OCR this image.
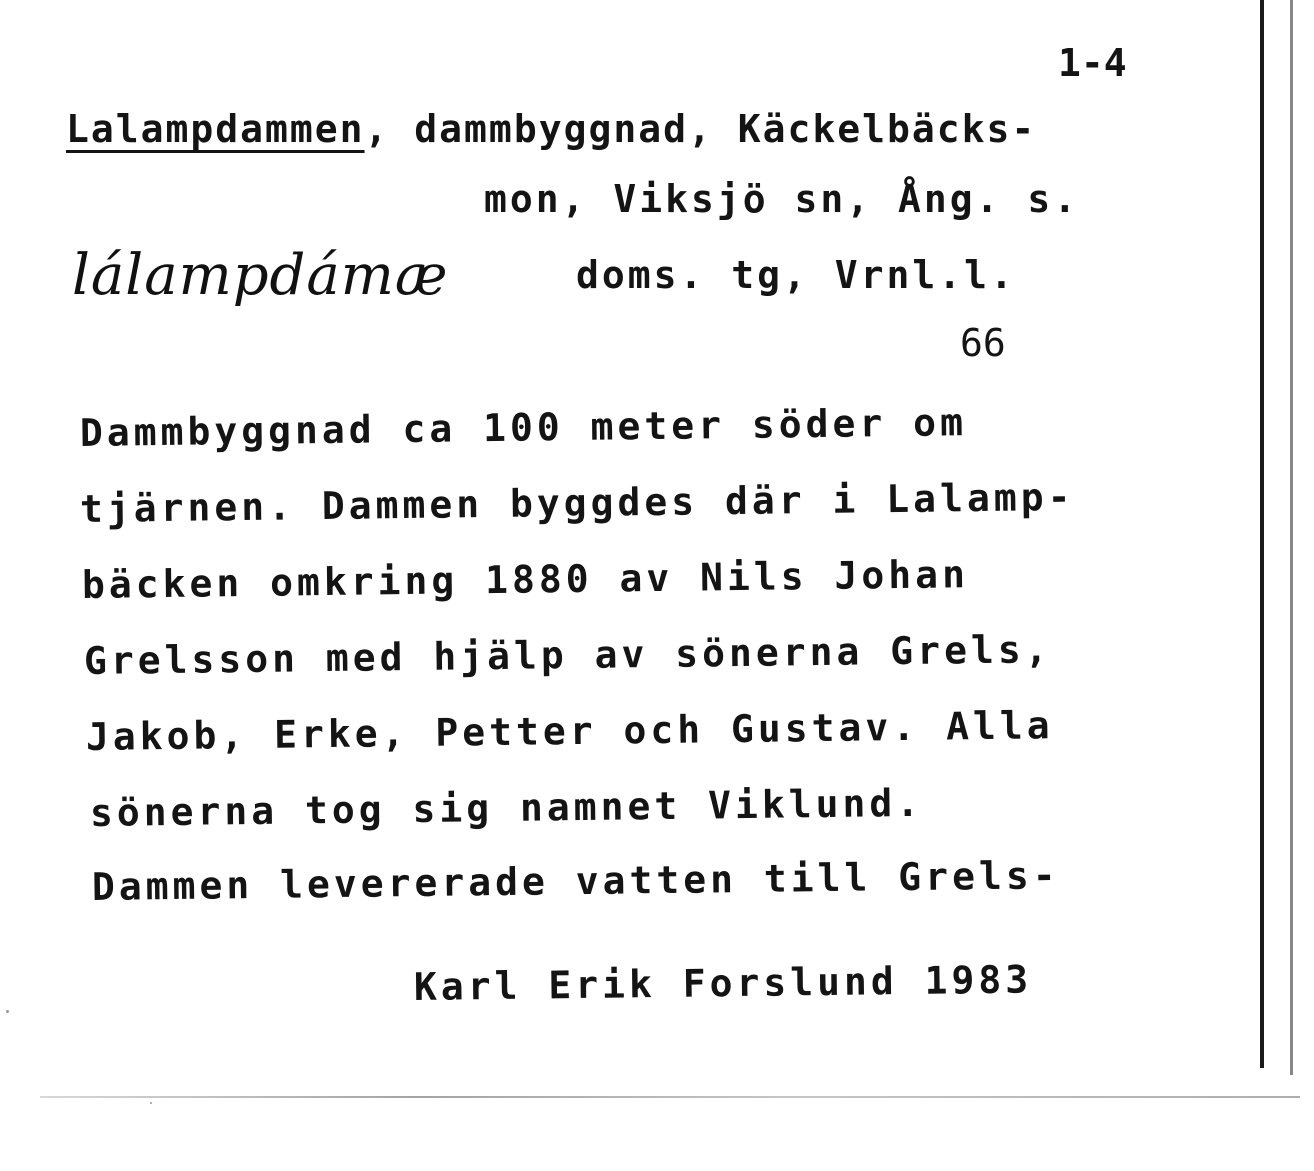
1-4
Lalampdammen, dammbyggnad, Käckelbäcks-
mon, Viksjö sn, Ång. s.
lálampdámæ	doms. tg, Vrnl.l.
66
Dammbyggnad ca 100 meter söder om
tjärnen. Dammen byggdes där i Lalamp-
bäcken omkring 1880 av Nils Johan
Grelsson med hjälp av sönerna Grels,
Jakob, Erke, Petter och Gustav. Alla
sönerna tog sig namnet Viklund.
Dammen levererade vatten till Grels-
Karl Erik Forslund 1983
